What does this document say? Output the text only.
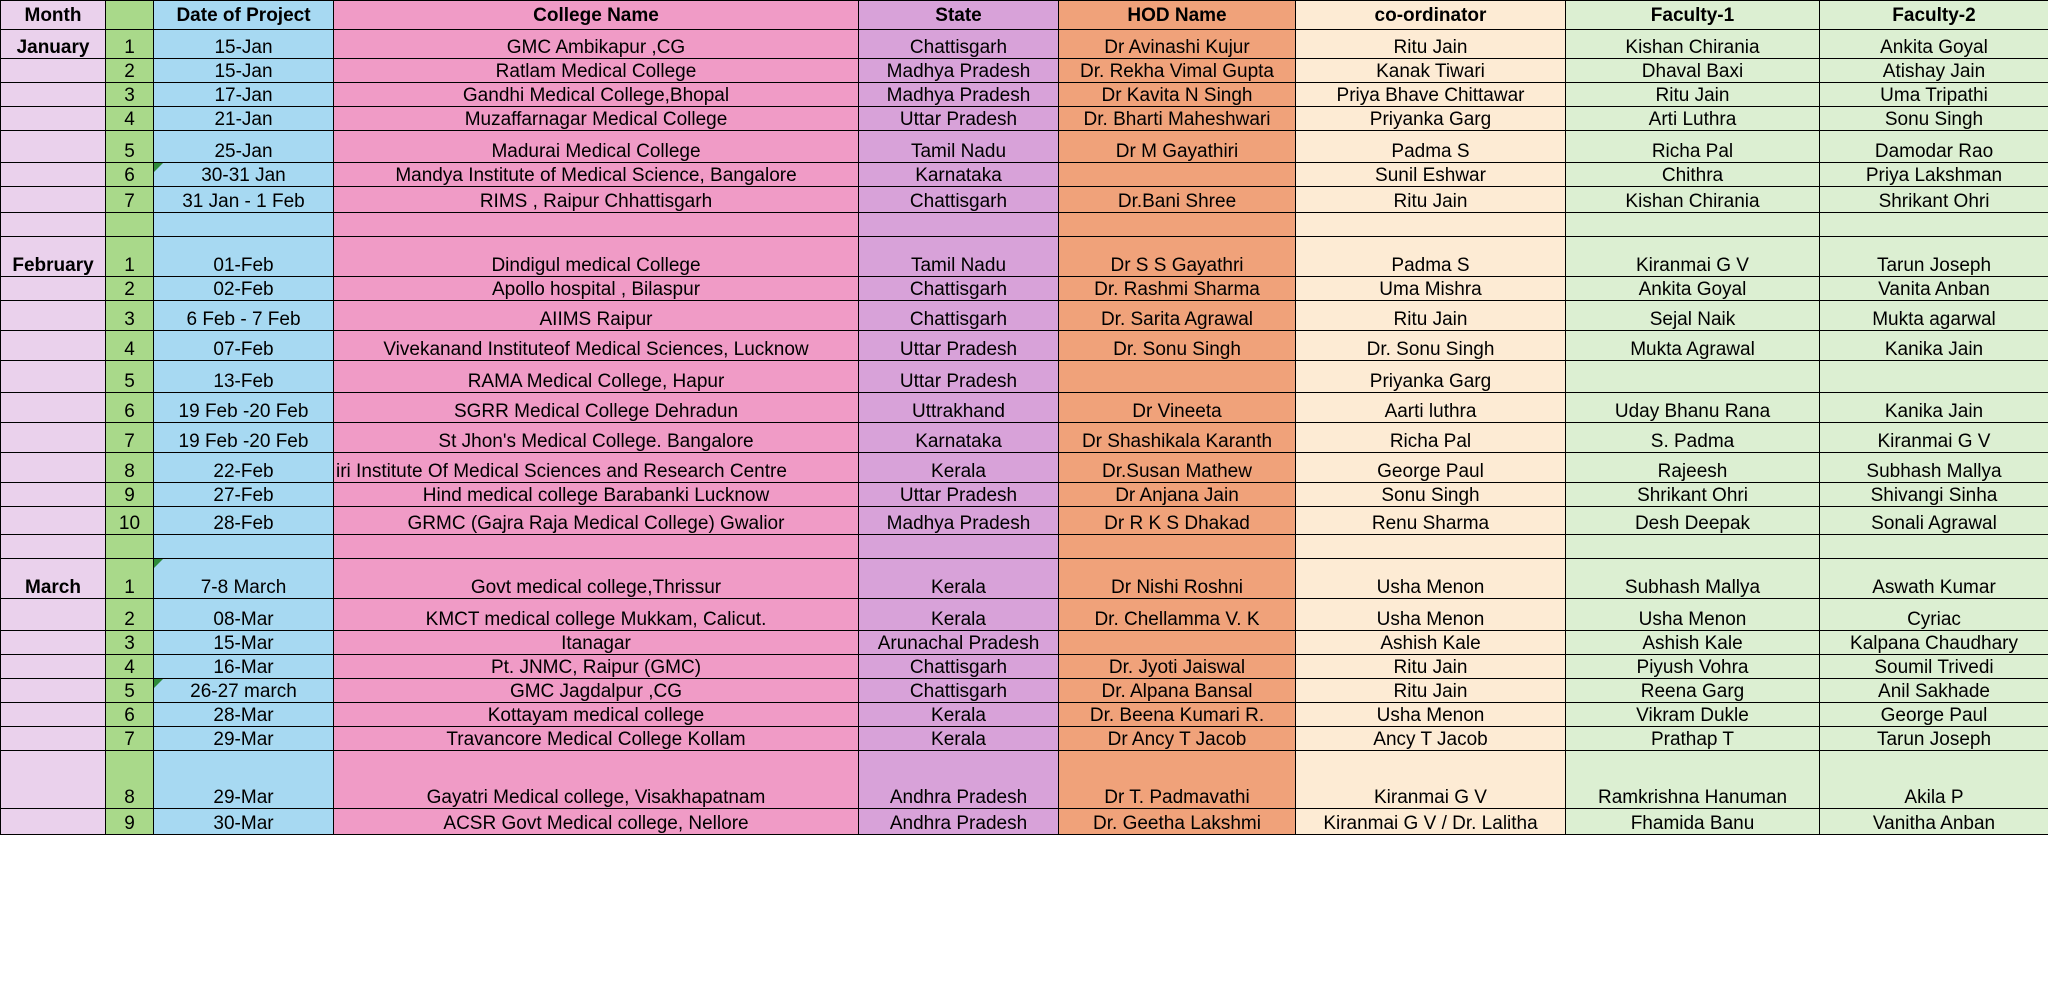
Month		Date of Project	College Name	State	HOD Name	co-ordinator	Faculty-1	Faculty-2
January	1	15-Jan	GMC Ambikapur ,CG	Chattisgarh	Dr Avinashi Kujur	Ritu Jain	Kishan Chirania	Ankita Goyal
	2	15-Jan	Ratlam Medical College	Madhya Pradesh	Dr. Rekha Vimal Gupta	Kanak Tiwari	Dhaval Baxi	Atishay Jain
	3	17-Jan	Gandhi Medical College,Bhopal	Madhya Pradesh	Dr Kavita N Singh	Priya Bhave Chittawar	Ritu Jain	Uma Tripathi
	4	21-Jan	Muzaffarnagar Medical College	Uttar Pradesh	Dr. Bharti Maheshwari	Priyanka Garg	Arti Luthra	Sonu Singh
	5	25-Jan	Madurai Medical College	Tamil Nadu	Dr M Gayathiri	Padma S	Richa Pal	Damodar Rao
	6	30-31 Jan	Mandya Institute of Medical Science, Bangalore	Karnataka		Sunil Eshwar	Chithra	Priya Lakshman
	7	31 Jan - 1 Feb	RIMS , Raipur Chhattisgarh	Chattisgarh	Dr.Bani Shree	Ritu Jain	Kishan Chirania	Shrikant Ohri

February	1	01-Feb	Dindigul medical College	Tamil Nadu	Dr S S Gayathri	Padma S	Kiranmai G V	Tarun Joseph
	2	02-Feb	Apollo hospital , Bilaspur	Chattisgarh	Dr. Rashmi Sharma	Uma Mishra	Ankita Goyal	Vanita Anban
	3	6 Feb - 7 Feb	AIIMS Raipur	Chattisgarh	Dr. Sarita Agrawal	Ritu Jain	Sejal Naik	Mukta agarwal
	4	07-Feb	Vivekanand Instituteof Medical Sciences, Lucknow	Uttar Pradesh	Dr. Sonu Singh	Dr. Sonu Singh	Mukta Agrawal	Kanika Jain
	5	13-Feb	RAMA Medical College, Hapur	Uttar Pradesh		Priyanka Garg		
	6	19 Feb -20 Feb	SGRR Medical College Dehradun	Uttrakhand	Dr Vineeta	Aarti luthra	Uday Bhanu Rana	Kanika Jain
	7	19 Feb -20 Feb	St Jhon's Medical College. Bangalore	Karnataka	Dr Shashikala Karanth	Richa Pal	S. Padma	Kiranmai G V
	8	22-Feb	iri Institute Of Medical Sciences and Research Centre	Kerala	Dr.Susan Mathew	George Paul	Rajeesh	Subhash Mallya
	9	27-Feb	Hind medical college Barabanki Lucknow	Uttar Pradesh	Dr Anjana Jain	Sonu Singh	Shrikant Ohri	Shivangi Sinha
	10	28-Feb	GRMC (Gajra Raja Medical College) Gwalior	Madhya Pradesh	Dr R K S Dhakad	Renu Sharma	Desh Deepak	Sonali Agrawal

March	1	7-8 March	Govt medical college,Thrissur	Kerala	Dr Nishi Roshni	Usha Menon	Subhash Mallya	Aswath Kumar
	2	08-Mar	KMCT medical college Mukkam, Calicut.	Kerala	Dr. Chellamma V. K	Usha Menon	Usha Menon	Cyriac
	3	15-Mar	Itanagar	Arunachal Pradesh		Ashish Kale	Ashish Kale	Kalpana Chaudhary
	4	16-Mar	Pt. JNMC, Raipur (GMC)	Chattisgarh	Dr. Jyoti Jaiswal	Ritu Jain	Piyush Vohra	Soumil Trivedi
	5	26-27 march	GMC Jagdalpur ,CG	Chattisgarh	Dr. Alpana Bansal	Ritu Jain	Reena Garg	Anil Sakhade
	6	28-Mar	Kottayam medical college	Kerala	Dr. Beena Kumari R.	Usha Menon	Vikram Dukle	George Paul
	7	29-Mar	Travancore Medical College Kollam	Kerala	Dr Ancy T Jacob	Ancy T Jacob	Prathap T	Tarun Joseph
	8	29-Mar	Gayatri Medical college, Visakhapatnam	Andhra Pradesh	Dr T. Padmavathi	Kiranmai G V	Ramkrishna Hanuman	Akila P
	9	30-Mar	ACSR Govt Medical college, Nellore	Andhra Pradesh	Dr. Geetha Lakshmi	Kiranmai G V / Dr. Lalitha	Fhamida Banu	Vanitha Anban
